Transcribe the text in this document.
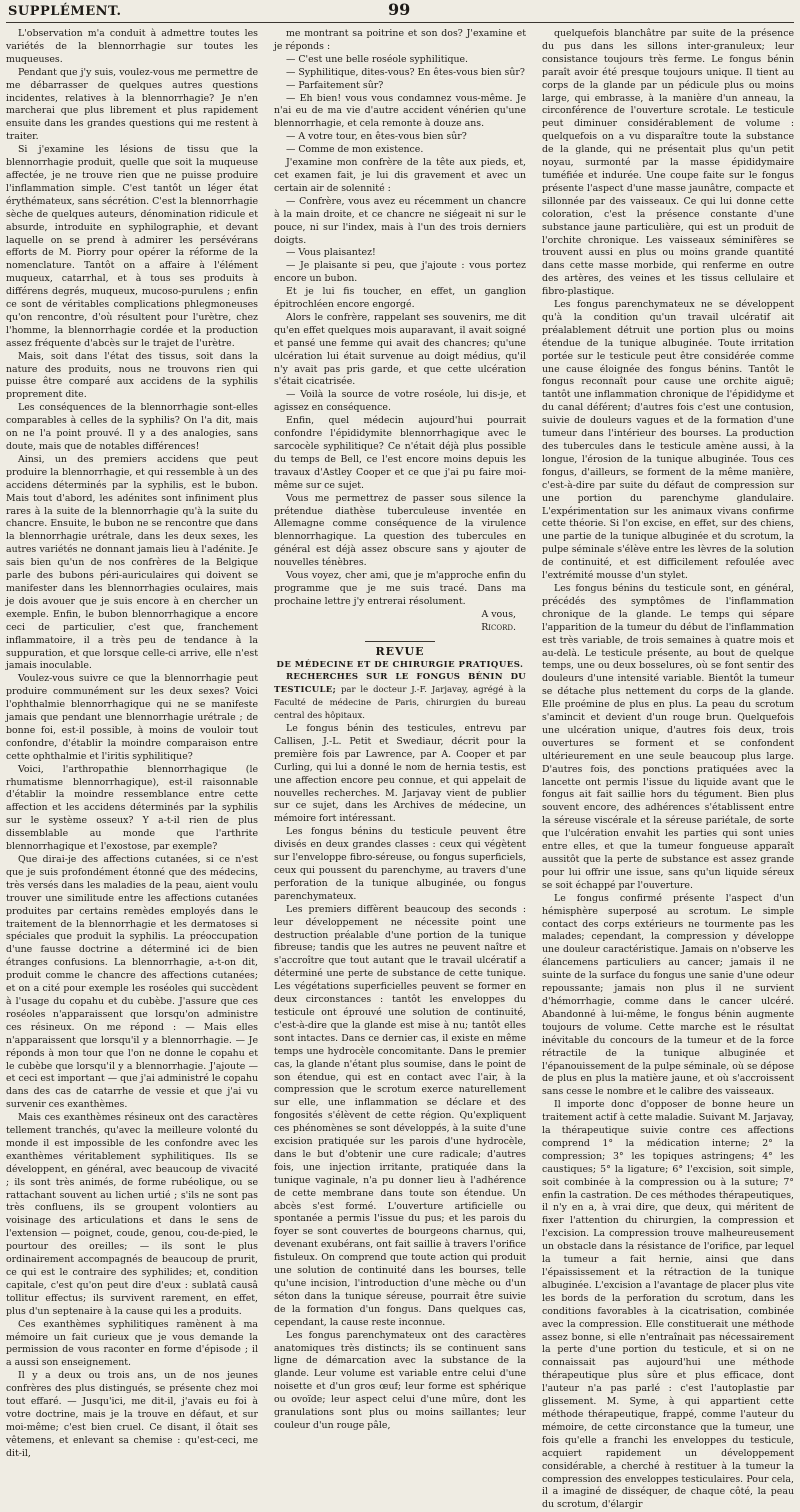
SUPPLÉMENT.	99

L'observation m'a conduit à admettre toutes les variétés de la blennorrhagie sur toutes les muqueuses.

Pendant que j'y suis, voulez-vous me permettre de me débarrasser de quelques autres questions incidentes, relatives à la blennorrhagie? Je n'en marcherai que plus librement et plus rapidement ensuite dans les grandes questions qui me restent à traiter.

Si j'examine les lésions de tissu que la blennorrhagie produit, quelle que soit la muqueuse affectée, je ne trouve rien que ne puisse produire l'inflammation simple. C'est tantôt un léger état érythémateux, sans sécrétion. C'est la blennorrhagie sèche de quelques auteurs, dénomination ridicule et absurde, introduite en syphilographie, et devant laquelle on se prend à admirer les persévérans efforts de M. Piorry pour opérer la réforme de la nomenclature. Tantôt on a affaire à l'élément muqueux, catarrhal, et à tous ses produits à différens degrés, muqueux, mucoso-purulens ; enfin ce sont de véritables complications phlegmoneuses qu'on rencontre, d'où résultent pour l'urètre, chez l'homme, la blennorrhagie cordée et la production assez fréquente d'abcès sur le trajet de l'urètre.

Mais, soit dans l'état des tissus, soit dans la nature des produits, nous ne trouvons rien qui puisse être comparé aux accidens de la syphilis proprement dite.

Les conséquences de la blennorrhagie sont-elles comparables à celles de la syphilis? On l'a dit, mais on ne l'a point prouvé. Il y a des analogies, sans doute, mais que de notables différences!

Ainsi, un des premiers accidens que peut produire la blennorrhagie, et qui ressemble à un des accidens déterminés par la syphilis, est le bubon. Mais tout d'abord, les adénites sont infiniment plus rares à la suite de la blennorrhagie qu'à la suite du chancre. Ensuite, le bubon ne se rencontre que dans la blennorrhagie urétrale, dans les deux sexes, les autres variétés ne donnant jamais lieu à l'adénite. Je sais bien qu'un de nos confrères de la Belgique parle des bubons péri-auriculaires qui doivent se manifester dans les blennorrhagies oculaires, mais je dois avouer que je suis encore à en chercher un exemple. Enfin, le bubon blennorrhagique a encore ceci de particulier, c'est que, franchement inflammatoire, il a très peu de tendance à la suppuration, et que lorsque celle-ci arrive, elle n'est jamais inoculable.

Voulez-vous suivre ce que la blennorrhagie peut produire communément sur les deux sexes? Voici l'ophthalmie blennorrhagique qui ne se manifeste jamais que pendant une blennorrhagie urétrale ; de bonne foi, est-il possible, à moins de vouloir tout confondre, d'établir la moindre comparaison entre cette ophthalmie et l'iritis syphilitique?

Voici, l'arthropathie blennorrhagique (le rhumatisme blennorrhagique), est-il raisonnable d'établir la moindre ressemblance entre cette affection et les accidens déterminés par la syphilis sur le système osseux? Y a-t-il rien de plus dissemblable au monde que l'arthrite blennorrhagique et l'exostose, par exemple?

Que dirai-je des affections cutanées, si ce n'est que je suis profondément étonné que des médecins, très versés dans les maladies de la peau, aient voulu trouver une similitude entre les affections cutanées produites par certains remèdes employés dans le traitement de la blennorrhagie et les dermatoses si spéciales que produit la syphilis. La préoccupation d'une fausse doctrine a déterminé ici de bien étranges confusions. La blennorrhagie, a-t-on dit, produit comme le chancre des affections cutanées; et on a cité pour exemple les roséoles qui succèdent à l'usage du copahu et du cubèbe. J'assure que ces roséoles n'apparaissent que lorsqu'on administre ces résineux. On me répond : — Mais elles n'apparaissent que lorsqu'il y a blennorrhagie. — Je réponds à mon tour que l'on ne donne le copahu et le cubèbe que lorsqu'il y a blennorrhagie. J'ajoute — et ceci est important — que j'ai administré le copahu dans des cas de catarrhe de vessie et que j'ai vu survenir ces exanthèmes.

Mais ces exanthèmes résineux ont des caractères tellement tranchés, qu'avec la meilleure volonté du monde il est impossible de les confondre avec les exanthèmes véritablement syphilitiques. Ils se développent, en général, avec beaucoup de vivacité ; ils sont très animés, de forme rubéolique, ou se rattachant souvent au lichen urtié ; s'ils ne sont pas très confluens, ils se groupent volontiers au voisinage des articulations et dans le sens de l'extension — poignet, coude, genou, cou-de-pied, le pourtour des oreilles; — ils sont le plus ordinairement accompagnés de beaucoup de prurit, ce qui est le contraire des syphilides; et, condition capitale, c'est qu'on peut dire d'eux : sublatâ causâ tollitur effectus; ils survivent rarement, en effet, plus d'un septenaire à la cause qui les a produits.

Ces exanthèmes syphilitiques ramènent à ma mémoire un fait curieux que je vous demande la permission de vous raconter en forme d'épisode ; il a aussi son enseignement.

Il y a deux ou trois ans, un de nos jeunes confrères des plus distingués, se présente chez moi tout effaré. — Jusqu'ici, me dit-il, j'avais eu foi à votre doctrine, mais je la trouve en défaut, et sur moi-même; c'est bien cruel. Ce disant, il ôtait ses vêtemens, et enlevant sa chemise : qu'est-ceci, me dit-il,

me montrant sa poitrine et son dos? J'examine et je réponds :

— C'est une belle roséole syphilitique.

— Syphilitique, dites-vous? En êtes-vous bien sûr?

— Parfaitement sûr?

— Eh bien! vous vous condamnez vous-même. Je n'ai eu de ma vie d'autre accident vénérien qu'une blennorrhagie, et cela remonte à douze ans.

— A votre tour, en êtes-vous bien sûr?

— Comme de mon existence.

J'examine mon confrère de la tête aux pieds, et, cet examen fait, je lui dis gravement et avec un certain air de solennité :

— Confrère, vous avez eu récemment un chancre à la main droite, et ce chancre ne siégeait ni sur le pouce, ni sur l'index, mais à l'un des trois derniers doigts.

— Vous plaisantez!

— Je plaisante si peu, que j'ajoute : vous portez encore un bubon.

Et je lui fis toucher, en effet, un ganglion épitrochléen encore engorgé.

Alors le confrère, rappelant ses souvenirs, me dit qu'en effet quelques mois auparavant, il avait soigné et pansé une femme qui avait des chancres; qu'une ulcération lui était survenue au doigt médius, qu'il n'y avait pas pris garde, et que cette ulcération s'était cicatrisée.

— Voilà la source de votre roséole, lui dis-je, et agissez en conséquence.

Enfin, quel médecin aujourd'hui pourrait confondre l'épididymite blennorrhagique avec le sarcocèle syphilitique? Ce n'était déjà plus possible du temps de Bell, ce l'est encore moins depuis les travaux d'Astley Cooper et ce que j'ai pu faire moi-même sur ce sujet.

Vous me permettrez de passer sous silence la prétendue diathèse tuberculeuse inventée en Allemagne comme conséquence de la virulence blennorrhagique. La question des tubercules en général est déjà assez obscure sans y ajouter de nouvelles ténèbres.

Vous voyez, cher ami, que je m'approche enfin du programme que je me suis tracé. Dans ma prochaine lettre j'y entrerai résolument.

A vous,

Ricord.

REVUE

DE MÉDECINE ET DE CHIRURGIE PRATIQUES.

RECHERCHES SUR LE FONGUS BÉNIN DU TESTICULE; par le docteur J.-F. Jarjavay, agrégé à la Faculté de médecine de Paris, chirurgien du bureau central des hôpitaux.

Le fongus bénin des testicules, entrevu par Callisen, J.-L. Petit et Swediaur, décrit pour la première fois par Lawrence, par A. Cooper et par Curling, qui lui a donné le nom de hernia testis, est une affection encore peu connue, et qui appelait de nouvelles recherches. M. Jarjavay vient de publier sur ce sujet, dans les Archives de médecine, un mémoire fort intéressant.

Les fongus bénins du testicule peuvent être divisés en deux grandes classes : ceux qui végètent sur l'enveloppe fibro-séreuse, ou fongus superficiels, ceux qui poussent du parenchyme, au travers d'une perforation de la tunique albuginée, ou fongus parenchymateux.

Les premiers diffèrent beaucoup des seconds : leur développement ne nécessite point une destruction préalable d'une portion de la tunique fibreuse; tandis que les autres ne peuvent naître et s'accroître que tout autant que le travail ulcératif a déterminé une perte de substance de cette tunique. Les végétations superficielles peuvent se former en deux circonstances : tantôt les enveloppes du testicule ont éprouvé une solution de continuité, c'est-à-dire que la glande est mise à nu; tantôt elles sont intactes. Dans ce dernier cas, il existe en même temps une hydrocèle concomitante. Dans le premier cas, la glande n'étant plus soumise, dans le point de son étendue, qui est en contact avec l'air, à la compression que le scrotum exerce naturellement sur elle, une inflammation se déclare et des fongosités s'élèvent de cette région. Qu'expliquent ces phénomènes se sont développés, à la suite d'une excision pratiquée sur les parois d'une hydrocèle, dans le but d'obtenir une cure radicale; d'autres fois, une injection irritante, pratiquée dans la tunique vaginale, n'a pu donner lieu à l'adhérence de cette membrane dans toute son étendue. Un abcès s'est formé. L'ouverture artificielle ou spontanée a permis l'issue du pus; et les parois du foyer se sont couvertes de bourgeons charnus, qui, devenant exubérans, ont fait saillie à travers l'orifice fistuleux. On comprend que toute action qui produit une solution de continuité dans les bourses, telle qu'une incision, l'introduction d'une mèche ou d'un séton dans la tunique séreuse, pourrait être suivie de la formation d'un fongus. Dans quelques cas, cependant, la cause reste inconnue.

Les fongus parenchymateux ont des caractères anatomiques très distincts; ils se continuent sans ligne de démarcation avec la substance de la glande. Leur volume est variable entre celui d'une noisette et d'un gros œuf; leur forme est sphérique ou ovoïde; leur aspect celui d'une mûre, dont les granulations sont plus ou moins saillantes; leur couleur d'un rouge pâle,

quelquefois blanchâtre par suite de la présence du pus dans les sillons inter-granuleux; leur consistance toujours très ferme. Le fongus bénin paraît avoir été presque toujours unique. Il tient au corps de la glande par un pédicule plus ou moins large, qui embrasse, à la manière d'un anneau, la circonférence de l'ouverture scrotale. Le testicule peut diminuer considérablement de volume : quelquefois on a vu disparaître toute la substance de la glande, qui ne présentait plus qu'un petit noyau, surmonté par la masse épididymaire tuméfiée et indurée. Une coupe faite sur le fongus présente l'aspect d'une masse jaunâtre, compacte et sillonnée par des vaisseaux. Ce qui lui donne cette coloration, c'est la présence constante d'une substance jaune particulière, qui est un produit de l'orchite chronique. Les vaisseaux séminifères se trouvent aussi en plus ou moins grande quantité dans cette masse morbide, qui renferme en outre des artères, des veines et les tissus cellulaire et fibro-plastique.

Les fongus parenchymateux ne se développent qu'à la condition qu'un travail ulcératif ait préalablement détruit une portion plus ou moins étendue de la tunique albuginée. Toute irritation portée sur le testicule peut être considérée comme une cause éloignée des fongus bénins. Tantôt le fongus reconnaît pour cause une orchite aiguë; tantôt une inflammation chronique de l'épididyme et du canal déférent; d'autres fois c'est une contusion, suivie de douleurs vagues et de la formation d'une tumeur dans l'intérieur des bourses. La production des tubercules dans le testicule amène aussi, à la longue, l'érosion de la tunique albuginée. Tous ces fongus, d'ailleurs, se forment de la même manière, c'est-à-dire par suite du défaut de compression sur une portion du parenchyme glandulaire. L'expérimentation sur les animaux vivans confirme cette théorie. Si l'on excise, en effet, sur des chiens, une partie de la tunique albuginée et du scrotum, la pulpe séminale s'élève entre les lèvres de la solution de continuité, et est difficilement refoulée avec l'extrémité mousse d'un stylet.

Les fongus bénins du testicule sont, en général, précédés des symptômes de l'inflammation chronique de la glande. Le temps qui sépare l'apparition de la tumeur du début de l'inflammation est très variable, de trois semaines à quatre mois et au-delà. Le testicule présente, au bout de quelque temps, une ou deux bosselures, où se font sentir des douleurs d'une intensité variable. Bientôt la tumeur se détache plus nettement du corps de la glande. Elle proémine de plus en plus. La peau du scrotum s'amincit et devient d'un rouge brun. Quelquefois une ulcération unique, d'autres fois deux, trois ouvertures se forment et se confondent ultérieurement en une seule beaucoup plus large. D'autres fois, des ponctions pratiquées avec la lancette ont permis l'issue du liquide avant que le fongus ait fait saillie hors du tégument. Bien plus souvent encore, des adhérences s'établissent entre la séreuse viscérale et la séreuse pariétale, de sorte que l'ulcération envahit les parties qui sont unies entre elles, et que la tumeur fongueuse apparaît aussitôt que la perte de substance est assez grande pour lui offrir une issue, sans qu'un liquide séreux se soit échappé par l'ouverture.

Le fongus confirmé présente l'aspect d'un hémisphère superposé au scrotum. Le simple contact des corps extérieurs ne tourmente pas les malades; cependant, la compression y développe une douleur caractéristique. Jamais on n'observe les élancemens particuliers au cancer; jamais il ne suinte de la surface du fongus une sanie d'une odeur repoussante; jamais non plus il ne survient d'hémorrhagie, comme dans le cancer ulcéré. Abandonné à lui-même, le fongus bénin augmente toujours de volume. Cette marche est le résultat inévitable du concours de la tumeur et de la force rétractile de la tunique albuginée et l'épanouissement de la pulpe séminale, où se dépose de plus en plus la matière jaune, et où s'accroissent sans cesse le nombre et le calibre des vaisseaux.

Il importe donc d'opposer de bonne heure un traitement actif à cette maladie. Suivant M. Jarjavay, la thérapeutique suivie contre ces affections comprend 1° la médication interne; 2° la compression; 3° les topiques astringens; 4° les caustiques; 5° la ligature; 6° l'excision, soit simple, soit combinée à la compression ou à la suture; 7° enfin la castration. De ces méthodes thérapeutiques, il n'y en a, à vrai dire, que deux, qui méritent de fixer l'attention du chirurgien, la compression et l'excision. La compression trouve malheureusement un obstacle dans la résistance de l'orifice, par lequel la tumeur a fait hernie, ainsi que dans l'épaississement et la rétraction de la tunique albuginée. L'excision a l'avantage de placer plus vite les bords de la perforation du scrotum, dans les conditions favorables à la cicatrisation, combinée avec la compression. Elle constituerait une méthode assez bonne, si elle n'entraînait pas nécessairement la perte d'une portion du testicule, et si on ne connaissait pas aujourd'hui une méthode thérapeutique plus sûre et plus efficace, dont l'auteur n'a pas parlé : c'est l'autoplastie par glissement. M. Syme, à qui appartient cette méthode thérapeutique, frappé, comme l'auteur du mémoire, de cette circonstance que la tumeur, une fois qu'elle a franchi les enveloppes du testicule, acquiert rapidement un développement considérable, a cherché à restituer à la tumeur la compression des enveloppes testiculaires. Pour cela, il a imaginé de disséquer, de chaque côté, la peau du scrotum, d'élargir
